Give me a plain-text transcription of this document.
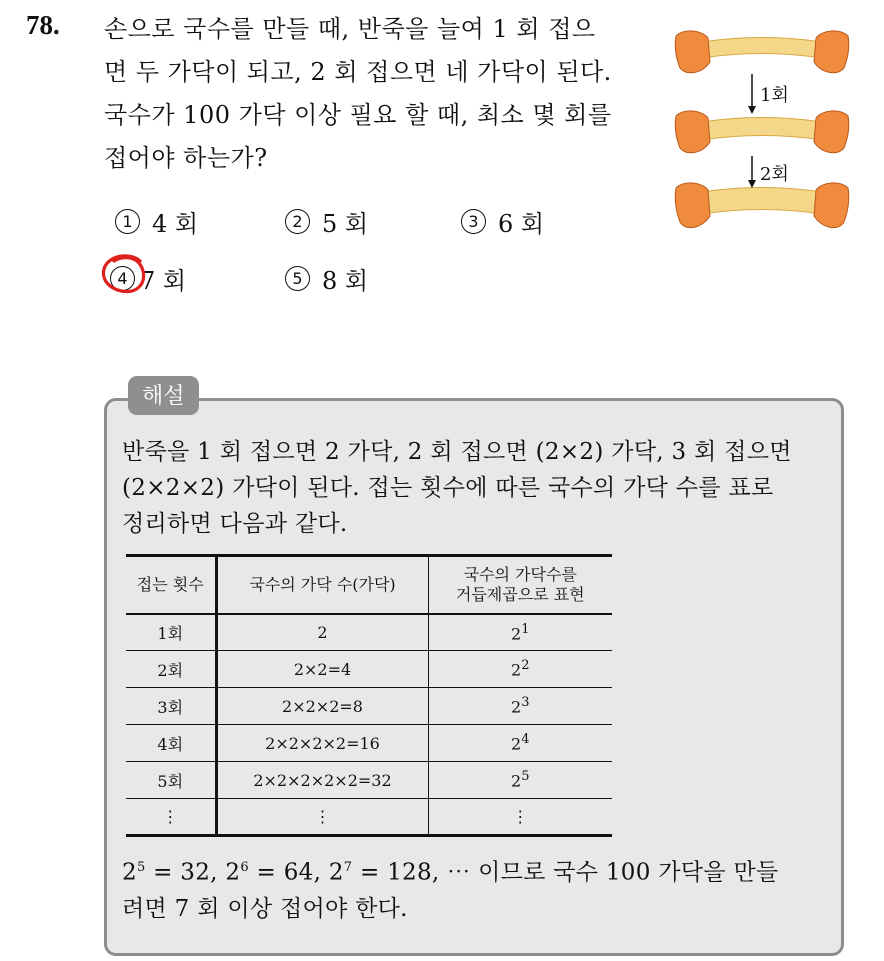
78. 손으로 국수를 만들 때, 반죽을 늘여 1 회 접으
면 두 가닥이 되고, 2 회 접으면 네 가닥이 된다.
국수가 100 가닥 이상 필요 할 때, 최소 몇 회를
접어야 하는가?
1 4 회	2 5 회	3 6 회
4 7 회	5 8 회
1회
2회
해설
반죽을 1 회 접으면 2 가닥, 2 회 접으면 (2×2) 가닥, 3 회 접으면
(2×2×2) 가닥이 된다. 접는 횟수에 따른 국수의 가닥 수를 표로
정리하면 다음과 같다.
접는 횟수	국수의 가닥 수(가닥)	국수의 가닥수를
거듭제곱으로 표현

1회	2	$2^1$
2회	2×2=4	$2^2$
3회	2×2×2=8	$2^3$
4회	2×2×2×2=16	$2^4$
5회	2×2×2×2×2=32	$2^5$
⋮	⋮	⋮
$2^5 = 32$, $2^6 = 64$, $2^7 = 128$, ⋯ 이므로 국수 100 가닥을 만들
려면 7 회 이상 접어야 한다.
